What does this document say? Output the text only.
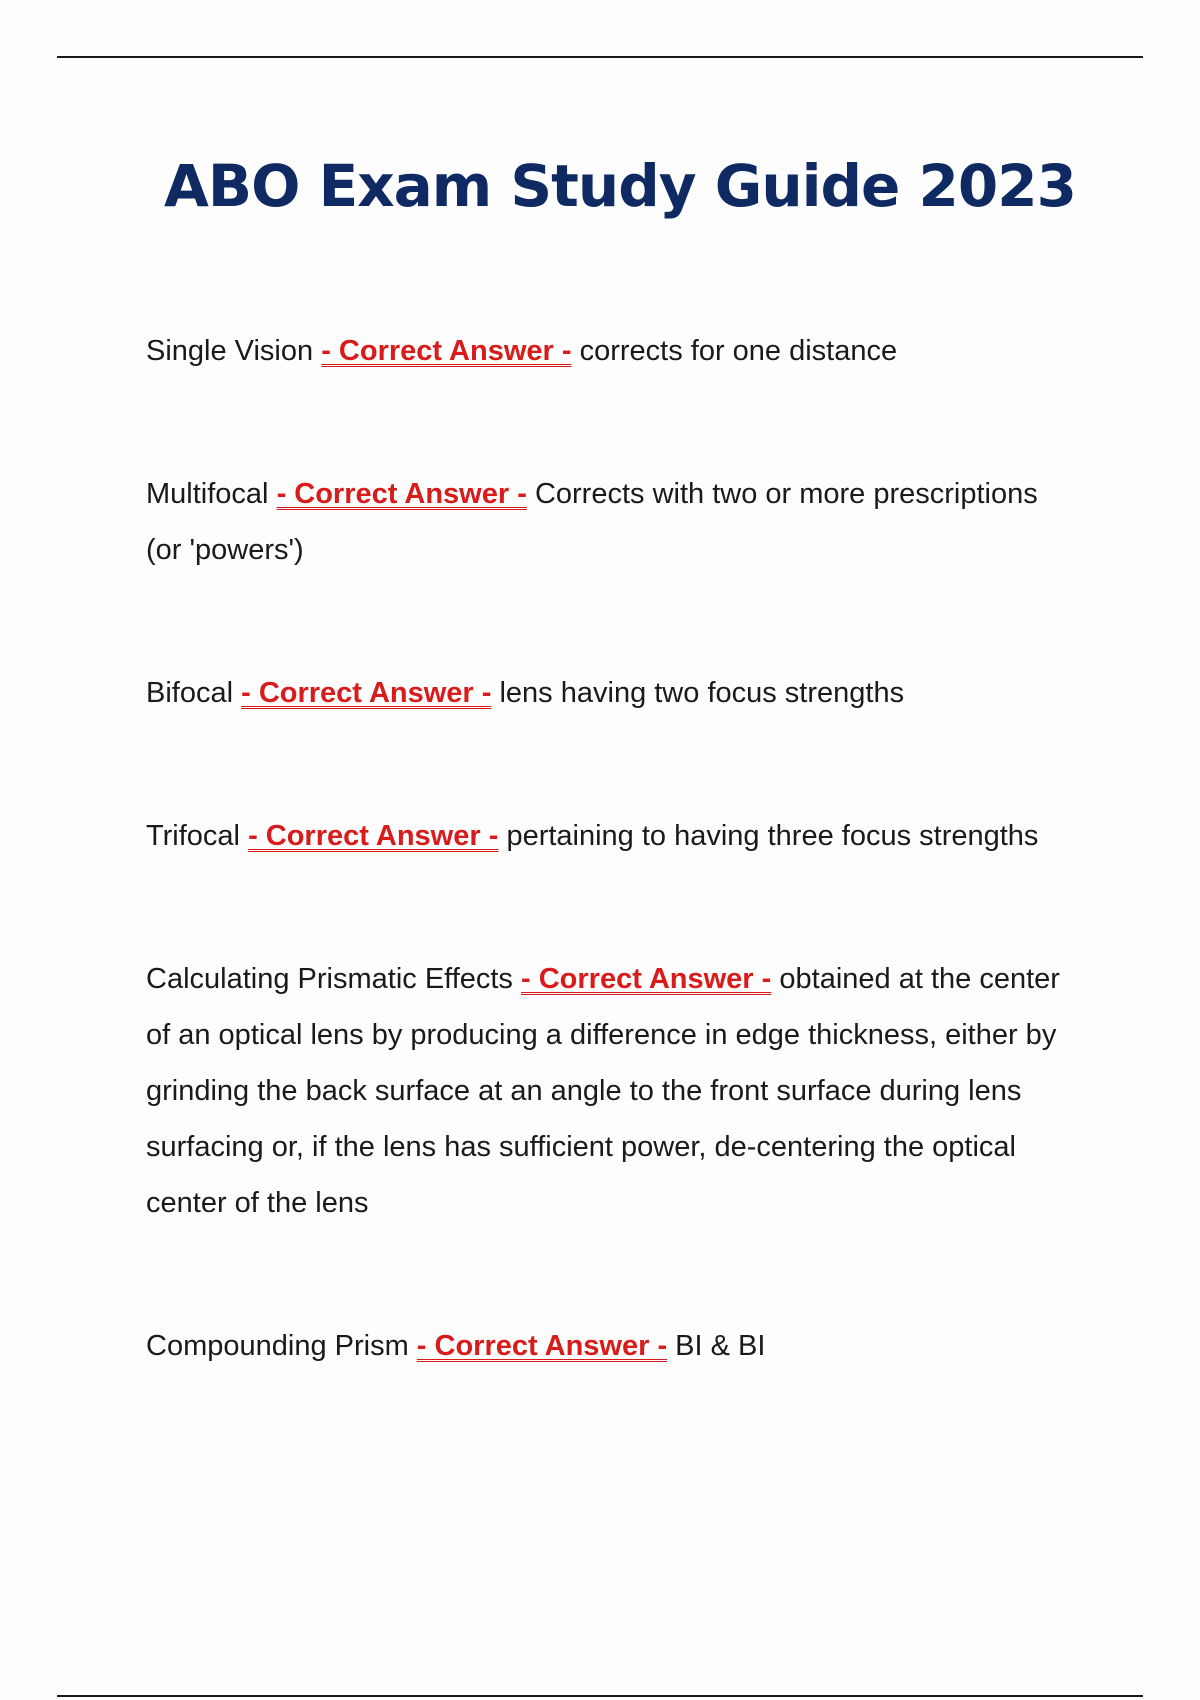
ABO Exam Study Guide 2023

Single Vision - Correct Answer - corrects for one distance

Multifocal - Correct Answer - Corrects with two or more prescriptions (or 'powers')

Bifocal - Correct Answer - lens having two focus strengths

Trifocal - Correct Answer - pertaining to having three focus strengths

Calculating Prismatic Effects - Correct Answer - obtained at the center of an optical lens by producing a difference in edge thickness, either by grinding the back surface at an angle to the front surface during lens surfacing or, if the lens has sufficient power, de-centering the optical center of the lens

Compounding Prism - Correct Answer - BI & BI
